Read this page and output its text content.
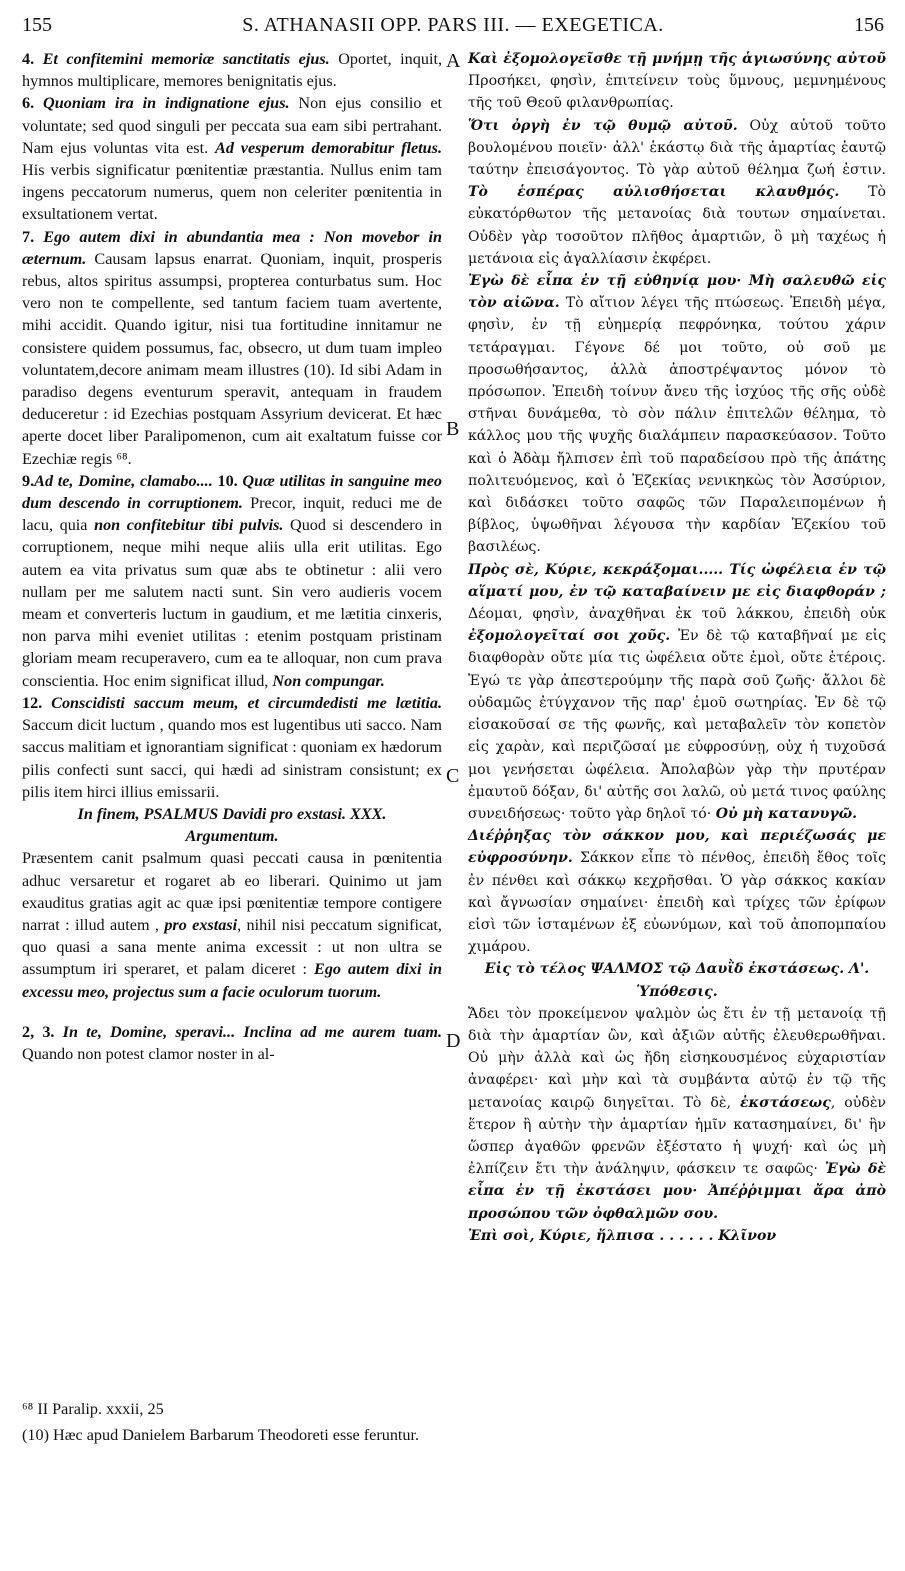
155	S. ATHANASII OPP. PARS III. — EXEGETICA.	156

4. Et confitemini memoriæ sanctitatis ejus. Oportet, inquit, hymnos multiplicare, memores benignitatis ejus.

6. Quoniam ira in indignatione ejus. Non ejus consilio et voluntate; sed quod singuli per peccata sua eam sibi pertrahant. Nam ejus voluntas vita est. Ad vesperum demorabitur fletus. His verbis significatur pœnitentiæ præstantia. Nullus enim tam ingens peccatorum numerus, quem non celeriter pœnitentia in exsultationem vertat.

7. Ego autem dixi in abundantia mea : Non movebor in æternum. Causam lapsus enarrat. Quoniam, inquit, prosperis rebus, altos spiritus assumpsi, propterea conturbatus sum. Hoc vero non te compellente, sed tantum faciem tuam avertente, mihi accidit. Quando igitur, nisi tua fortitudine innitamur ne consistere quidem possumus, fac, obsecro, ut dum tuam impleo voluntatem,decore animam meam illustres (10). Id sibi Adam in paradiso degens eventurum speravit, antequam in fraudem deduceretur : id Ezechias postquam Assyrium devicerat. Et hæc aperte docet liber Paralipomenon, cum ait exaltatum fuisse cor Ezechiæ regis ⁶⁸.

9.Ad te, Domine, clamabo.... 10. Quæ utilitas in sanguine meo dum descendo in corruptionem. Precor, inquit, reduci me de lacu, quia non confitebitur tibi pulvis. Quod si descendero in corruptionem, neque mihi neque aliis ulla erit utilitas. Ego autem ea vita privatus sum quæ abs te obtinetur : alii vero nullam per me salutem nacti sunt. Sin vero audieris vocem meam et converteris luctum in gaudium, et me lætitia cinxeris, non parva mihi eveniet utilitas : etenim postquam pristinam gloriam meam recuperavero, cum ea te alloquar, non cum prava conscientia. Hoc enim significat illud, Non compungar.

12. Conscidisti saccum meum, et circumdedisti me lætitia. Saccum dicit luctum , quando mos est lugentibus uti sacco. Nam saccus malitiam et ignorantiam significat : quoniam ex hædorum pilis confecti sunt sacci, qui hædi ad sinistram consistunt; ex pilis item hirci illius emissarii.

In finem, PSALMUS Davidi pro exstasi. XXX.

Argumentum.

Præsentem canit psalmum quasi peccati causa in pœnitentia adhuc versaretur et rogaret ab eo liberari. Quinimo ut jam exauditus gratias agit ac quæ ipsi pœnitentiæ tempore contigere narrat : illud autem , pro exstasi, nihil nisi peccatum significat, quo quasi a sana mente anima excessit : ut non ultra se assumptum iri speraret, et palam diceret : Ego autem dixi in excessu meo, projectus sum a facie oculorum tuorum.

2, 3. In te, Domine, speravi... Inclina ad me aurem tuam. Quando non potest clamor noster in al-

Καὶ ἐξομολογεῖσθε τῇ μνήμῃ τῆς ἁγιωσύνης αὐτοῦ Προσήκει, φησὶν, ἐπιτείνειν τοὺς ὕμνους, μεμνημένους τῆς τοῦ Θεοῦ φιλανθρωπίας.

Ὅτι ὀργὴ ἐν τῷ θυμῷ αὐτοῦ. Οὐχ αὐτοῦ τοῦτο βουλομένου ποιεῖν· ἀλλ' ἑκάστῳ διὰ τῆς ἁμαρτίας ἑαυτῷ ταύτην ἐπεισάγοντος. Τὸ γὰρ αὐτοῦ θέλημα ζωή ἐστιν. Τὸ ἑσπέρας αὐλισθήσεται κλαυθμός. Τὸ εὐκατόρθωτον τῆς μετανοίας διὰ τουτων σημαίνεται. Οὐδὲν γὰρ τοσοῦτον πλῆθος ἁμαρτιῶν, ὃ μὴ ταχέως ἡ μετάνοια εἰς ἀγαλλίασιν ἐκφέρει.

Ἐγὼ δὲ εἶπα ἐν τῇ εὐθηνίᾳ μου· Μὴ σαλευθῶ εἰς τὸν αἰῶνα. Τὸ αἴτιον λέγει τῆς πτώσεως. Ἐπειδὴ μέγα, φησὶν, ἐν τῇ εὐημερίᾳ πεφρόνηκα, τούτου χάριν τετάραγμαι. Γέγονε δέ μοι τοῦτο, οὐ σοῦ με προσωθήσαντος, ἀλλὰ ἀποστρέψαντος μόνον τὸ πρόσωπον. Ἐπειδὴ τοίνυν ἄνευ τῆς ἰσχύος τῆς σῆς οὐδὲ στῆναι δυνάμεθα, τὸ σὸν πάλιν ἐπιτελῶν θέλημα, τὸ κάλλος μου τῆς ψυχῆς διαλάμπειν παρασκεύασον. Τοῦτο καὶ ὁ Ἀδὰμ ἤλπισεν ἐπὶ τοῦ παραδείσου πρὸ τῆς ἀπάτης πολιτευόμενος, καὶ ὁ Ἐζεκίας νενικηκὼς τὸν Ἀσσύριον, καὶ διδάσκει τοῦτο σαφῶς τῶν Παραλειπομένων ἡ βίβλος, ὑψωθῆναι λέγουσα τὴν καρδίαν Ἐζεκίου τοῦ βασιλέως.

Πρὸς σὲ, Κύριε, κεκράξομαι..... Τίς ὠφέλεια ἐν τῷ αἵματί μου, ἐν τῷ καταβαίνειν με εἰς διαφθοράν ; Δέομαι, φησὶν, ἀναχθῆναι ἐκ τοῦ λάκκου, ἐπειδὴ οὐκ ἐξομολογεῖταί σοι χοῦς. Ἐν δὲ τῷ καταβῆναί με εἰς διαφθορὰν οὔτε μία τις ὠφέλεια οὔτε ἐμοὶ, οὔτε ἑτέροις. Ἐγώ τε γὰρ ἀπεστερούμην τῆς παρὰ σοῦ ζωῆς· ἄλλοι δὲ οὐδαμῶς ἐτύγχανον τῆς παρ' ἐμοῦ σωτηρίας. Ἐν δὲ τῷ εἰσακοῦσαί σε τῆς φωνῆς, καὶ μεταβαλεῖν τὸν κοπετὸν εἰς χαρὰν, καὶ περιζῶσαί με εὐφροσύνῃ, οὐχ ἡ τυχοῦσά μοι γενήσεται ὠφέλεια. Ἀπολαβὼν γὰρ τὴν πρυτέραν ἐμαυτοῦ δόξαν, δι' αὐτῆς σοι λαλῶ, οὐ μετά τινος φαύλης συνειδήσεως· τοῦτο γὰρ δηλοῖ τό· Οὐ μὴ κατανυγῶ.

Διέῤῥηξας τὸν σάκκον μου, καὶ περιέζωσάς με εὐφροσύνην. Σάκκον εἶπε τὸ πένθος, ἐπειδὴ ἔθος τοῖς ἐν πένθει καὶ σάκκῳ κεχρῆσθαι. Ὁ γὰρ σάκκος κακίαν καὶ ἄγνωσίαν σημαίνει· ἐπειδὴ καὶ τρίχες τῶν ἐρίφων εἰσὶ τῶν ἱσταμένων ἐξ εὐωνύμων, καὶ τοῦ ἀποπομπαίου χιμάρου.

Εἰς τὸ τέλος ΨΑΛΜΟΣ τῷ Δαυῒδ ἐκστάσεως. Λ'.

Ὑπόθεσις.

Ἄδει τὸν προκείμενον ψαλμὸν ὡς ἔτι ἐν τῇ μετανοίᾳ τῇ διὰ τὴν ἁμαρτίαν ὢν, καὶ ἀξιῶν αὐτῆς ἐλευθερωθῆναι. Οὐ μὴν ἀλλὰ καὶ ὡς ἤδη εἰσηκουσμένος εὐχαριστίαν ἀναφέρει· καὶ μὴν καὶ τὰ συμβάντα αὐτῷ ἐν τῷ τῆς μετανοίας καιρῷ διηγεῖται. Τὸ δὲ, ἐκστάσεως, οὐδὲν ἕτερον ἢ αὐτὴν τὴν ἁμαρτίαν ἡμῖν κατασημαίνει, δι' ἣν ὥσπερ ἀγαθῶν φρενῶν ἐξέστατο ἡ ψυχή· καὶ ὡς μὴ ἐλπίζειν ἔτι τὴν ἀνάληψιν, φάσκειν τε σαφῶς· Ἐγὼ δὲ εἶπα ἐν τῇ ἐκστάσει μου· Ἀπέῤῥιμμαι ἄρα ἀπὸ προσώπου τῶν ὀφθαλμῶν σου.

Ἐπὶ σοὶ, Κύριε, ἤλπισα . . . . . . Κλῖνον

A
B
C
D
⁶⁸ II Paralip. xxxii, 25
(10) Hæc apud Danielem Barbarum Theodoreti esse feruntur.
